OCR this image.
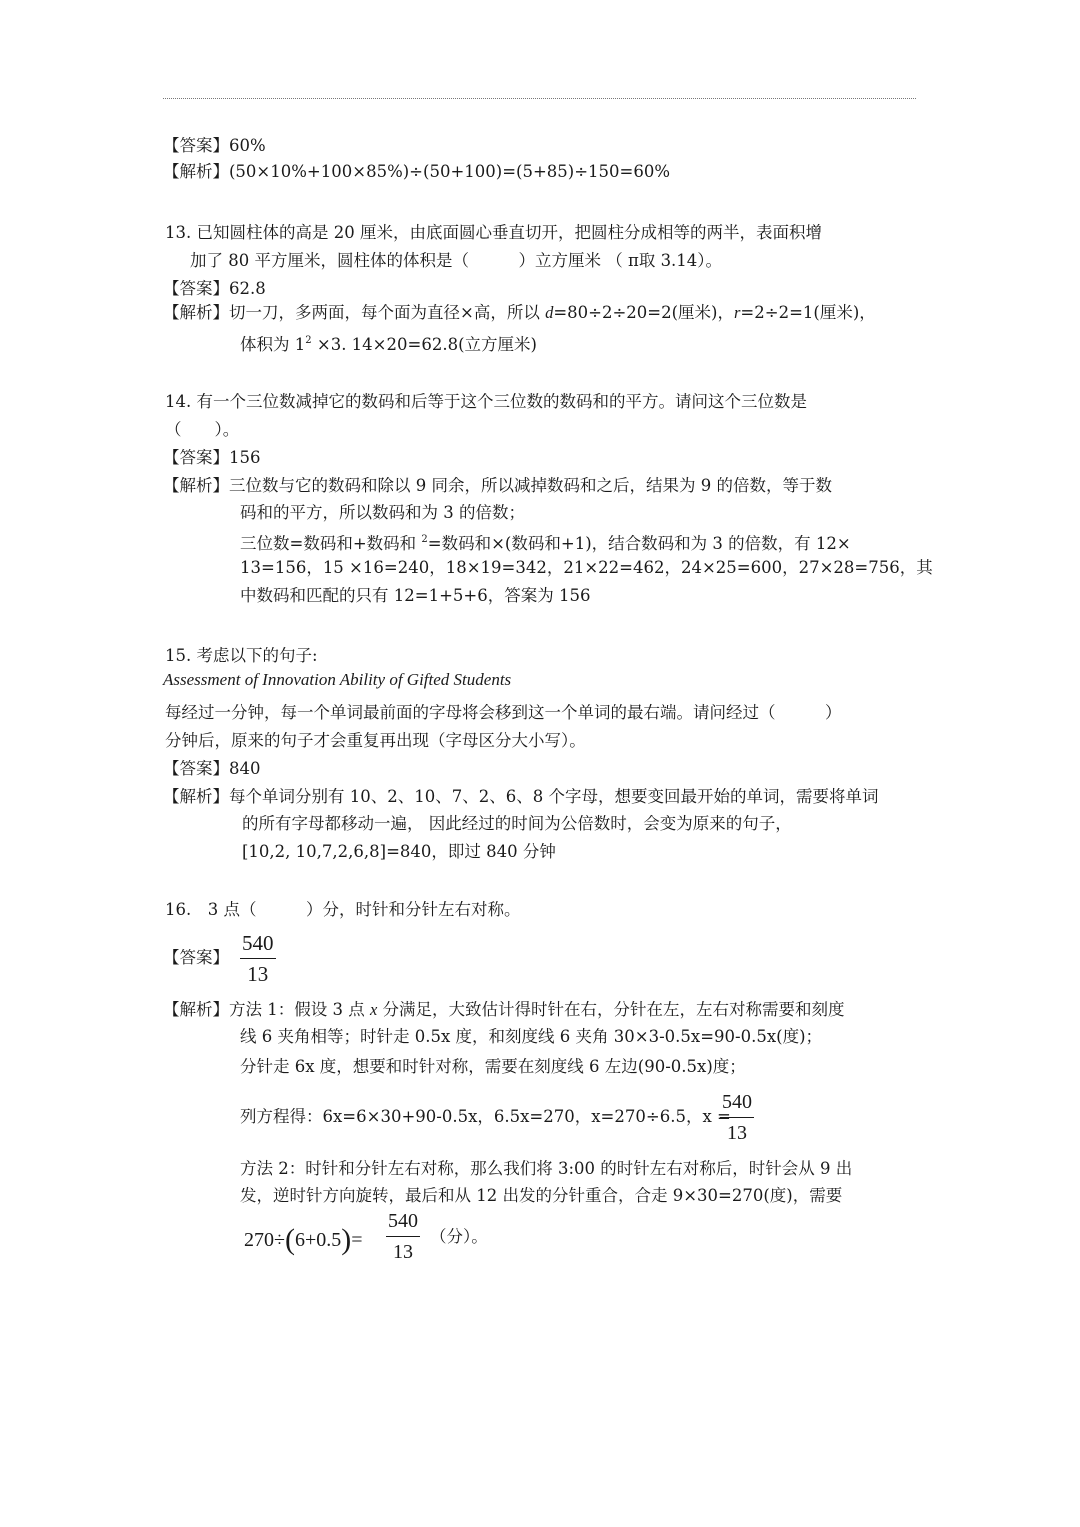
【答案】60%
【解析】(50×10%+100×85%)÷(50+100)=(5+85)÷150=60%
13. 已知圆柱体的高是 20 厘米，由底面圆心垂直切开，把圆柱分成相等的两半，表面积增
加了 80 平方厘米，圆柱体的体积是（　　　）立方厘米 （ π取 3.14）。
【答案】62.8
【解析】切一刀，多两面，每个面为直径×高，所以 d=80÷2÷20=2(厘米)，r=2÷2=1(厘米)，
体积为 $1^2 \times 3$. 14×20=62.8(立方厘米)
14. 有一个三位数减掉它的数码和后等于这个三位数的数码和的平方。请问这个三位数是
（　　）。
【答案】156
【解析】三位数与它的数码和除以 9 同余，所以减掉数码和之后，结果为 9 的倍数，等于数
码和的平方，所以数码和为 3 的倍数；
三位数=数码和+数码和 $^2$=数码和×(数码和+1)，结合数码和为 3 的倍数，有 12×
13=156，15 ×16=240，18×19=342，21×22=462，24×25=600，27×28=756，其
中数码和匹配的只有 12=1+5+6，答案为 156
15. 考虑以下的句子:
Assessment of Innovation Ability of Gifted Students
每经过一分钟，每一个单词最前面的字母将会移到这一个单词的最右端。请问经过（　　　）
分钟后，原来的句子才会重复再出现（字母区分大小写）。
【答案】840
【解析】每个单词分别有 10、2、10、7、2、6、8 个字母，想要变回最开始的单词，需要将单词
的所有字母都移动一遍， 因此经过的时间为公倍数时，会变为原来的句子，
[10,2, 10,7,2,6,8]=840，即过 840 分钟
16.　3 点（　　　）分，时针和分针左右对称。
【答案】
540
13
【解析】方法 1：假设 3 点 x 分满足，大致估计得时针在右，分针在左，左右对称需要和刻度
线 6 夹角相等；时针走 0.5x 度，和刻度线 6 夹角 30×3-0.5x=90-0.5x(度)；
分针走 6x 度，想要和时针对称，需要在刻度线 6 左边(90-0.5x)度；
列方程得：6x=6×30+90-0.5x，6.5x=270，x=270÷6.5，x =
540
13
方法 2：时针和分针左右对称，那么我们将 3:00 的时针左右对称后，时针会从 9 出
发，逆时针方向旋转，最后和从 12 出发的分针重合，合走 9×30=270(度)，需要
270÷(6+0.5)=
540
13
（分）。
